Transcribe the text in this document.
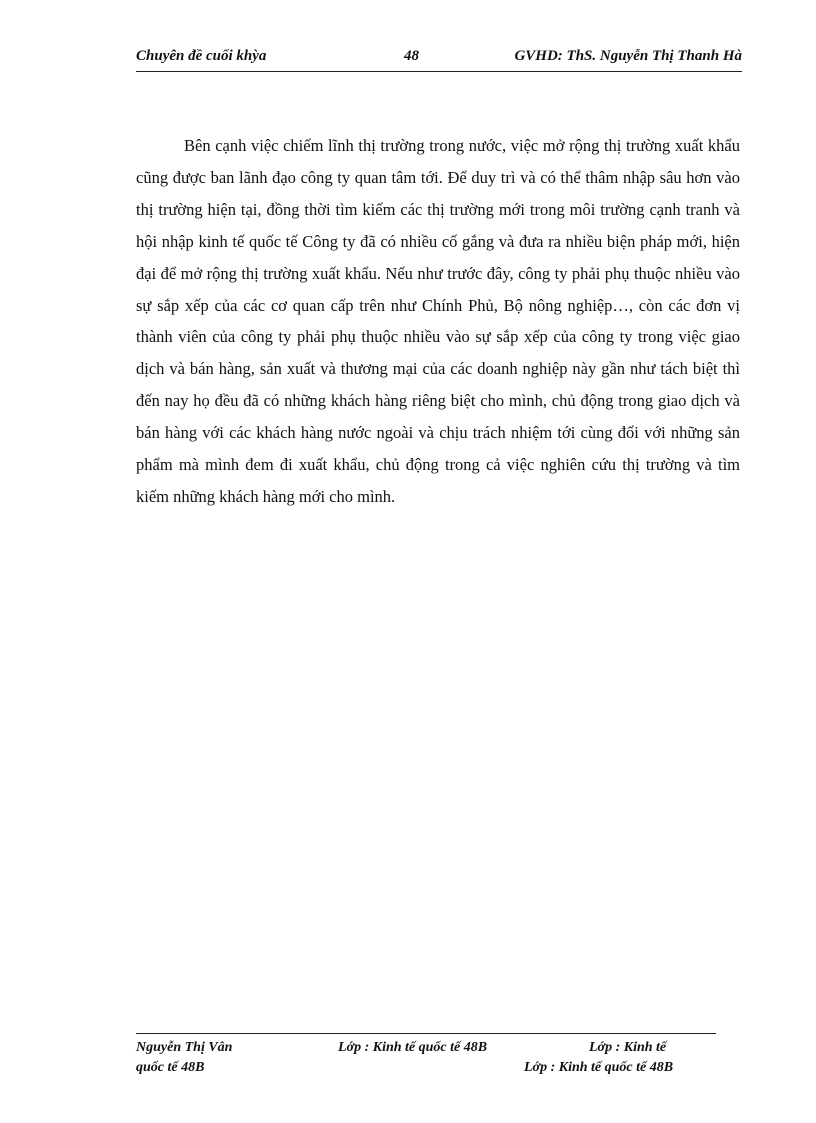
Chuyên đề cuối khỳa	48	GVHD: ThS. Nguyễn Thị Thanh Hà

Bên cạnh việc chiếm lĩnh thị trường trong nước, việc mở rộng thị trường xuất khẩu cũng được ban lãnh đạo công ty quan tâm tới. Để duy trì và có thể thâm nhập sâu hơn vào thị trường hiện tại, đồng thời tìm kiếm các thị trường mới trong môi trường cạnh tranh và hội nhập kinh tế quốc tế Công ty đã có nhiều cố gắng và đưa ra nhiều biện pháp mới, hiện đại để mở rộng thị trường xuất khẩu. Nếu như trước đây, công ty phải phụ thuộc nhiều vào sự sắp xếp của các cơ quan cấp trên như Chính Phủ, Bộ nông nghiệp…, còn các đơn vị thành viên của công ty phải phụ thuộc nhiều vào sự sắp xếp của công ty trong việc giao dịch và bán hàng, sản xuất và thương mại của các doanh nghiệp này gần như tách biệt thì đến nay họ đều đã có những khách hàng riêng biệt cho mình, chủ động trong giao dịch và bán hàng với các khách hàng nước ngoài và chịu trách nhiệm tới cùng đối với những sản phẩm mà mình đem đi xuất khẩu, chủ động trong cả việc nghiên cứu thị trường và tìm kiếm những khách hàng mới cho mình.

Nguyễn Thị Vân	Lớp : Kinh tế quốc tế 48B	Lớp : Kinh tế
quốc tế 48B	Lớp : Kinh tế quốc tế 48B
